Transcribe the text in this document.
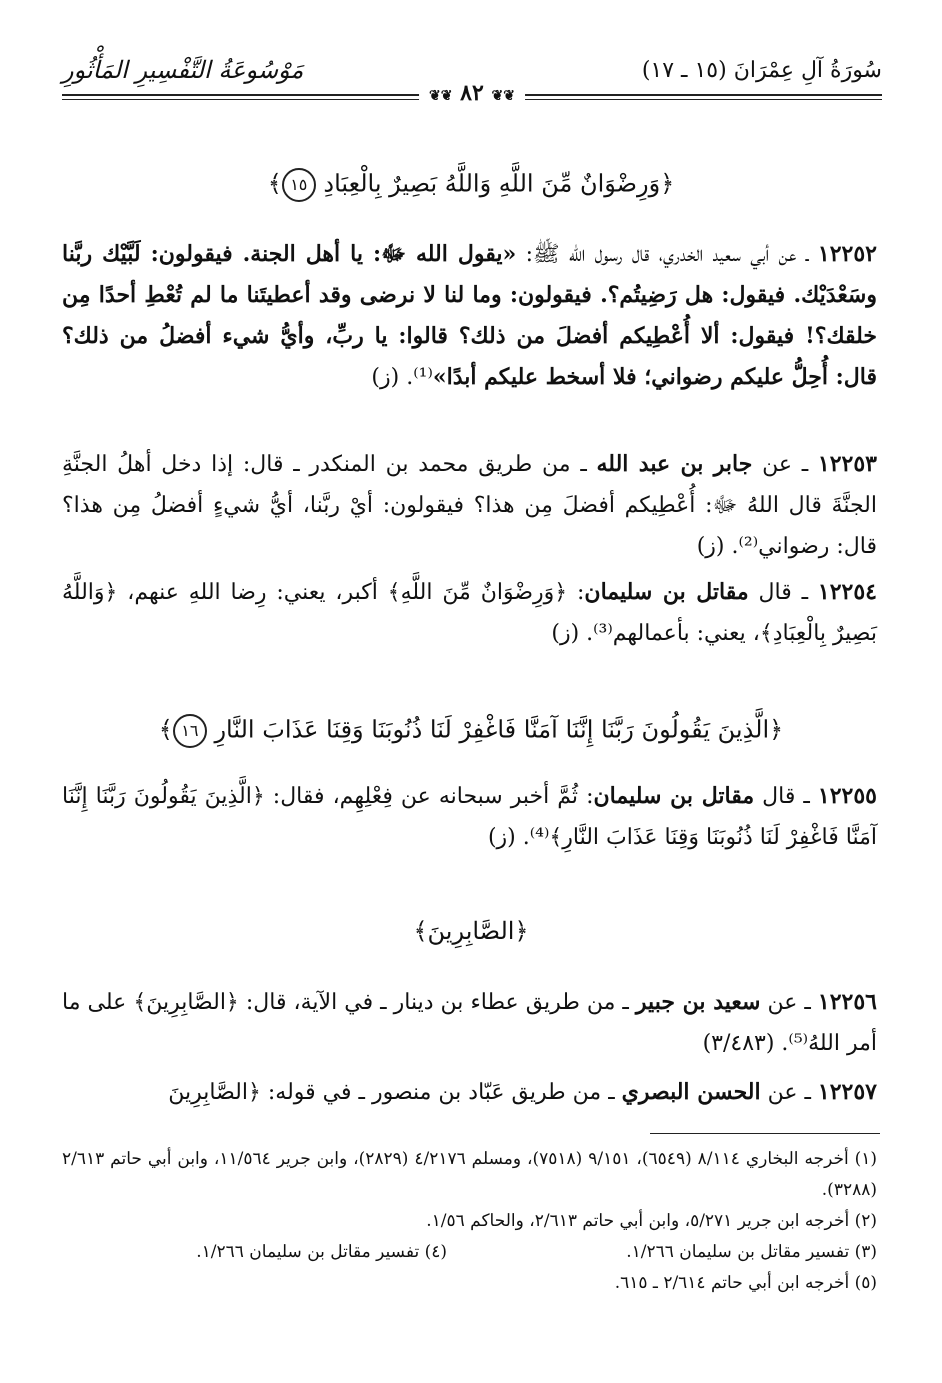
سُورَةُ آلِ عِمْرَانَ (١٥ ـ ١٧)
مَوْسُوعَةُ التَّفْسِيرِ المَأْثُورِ
❦❦ ٨٢ ❦❦
﴿وَرِضْوَانٌ مِّنَ اللَّهِ وَاللَّهُ بَصِيرٌ بِالْعِبَادِ ١٥﴾
١٢٢٥٢ ـ عن أبي سعيد الخدري، قال رسول الله ﷺ: «يقول الله ﷻ: يا أهل الجنة. فيقولون: لَبَّيْك ربَّنا وسَعْدَيْك. فيقول: هل رَضِيتُم؟. فيقولون: وما لنا لا نرضى وقد أعطيتَنا ما لم تُعْطِ أحدًا مِن خلقك؟! فيقول: ألا أُعْطِيكم أفضلَ من ذلك؟ قالوا: يا ربِّ، وأيُّ شيء أفضلُ من ذلك؟ قال: أُحِلُّ عليكم رضواني؛ فلا أسخط عليكم أبدًا»⁽¹⁾. (ز)
١٢٢٥٣ ـ عن جابر بن عبد الله ـ من طريق محمد بن المنكدر ـ قال: إذا دخل أهلُ الجنَّةِ الجنَّةَ قال اللهُ ﷻ: أُعْطِيكم أفضلَ مِن هذا؟ فيقولون: أيْ ربَّنا، أيُّ شيءٍ أفضلُ مِن هذا؟ قال: رضواني⁽²⁾. (ز)
١٢٢٥٤ ـ قال مقاتل بن سليمان: ﴿وَرِضْوَانٌ مِّنَ اللَّهِ﴾ أكبر، يعني: رِضا اللهِ عنهم، ﴿وَاللَّهُ بَصِيرٌ بِالْعِبَادِ﴾، يعني: بأعمالهم⁽³⁾. (ز)
﴿الَّذِينَ يَقُولُونَ رَبَّنَا إِنَّنَا آمَنَّا فَاغْفِرْ لَنَا ذُنُوبَنَا وَقِنَا عَذَابَ النَّارِ ١٦﴾
١٢٢٥٥ ـ قال مقاتل بن سليمان: ثُمَّ أخبر سبحانه عن فِعْلِهِم، فقال: ﴿الَّذِينَ يَقُولُونَ رَبَّنَا إِنَّنَا آمَنَّا فَاغْفِرْ لَنَا ذُنُوبَنَا وَقِنَا عَذَابَ النَّارِ﴾⁽⁴⁾. (ز)
﴿الصَّابِرِينَ﴾
١٢٢٥٦ ـ عن سعيد بن جبير ـ من طريق عطاء بن دينار ـ في الآية، قال: ﴿الصَّابِرِينَ﴾ على ما أمر اللهُ⁽⁵⁾. (٣/٤٨٣)
١٢٢٥٧ ـ عن الحسن البصري ـ من طريق عَبّاد بن منصور ـ في قوله: ﴿الصَّابِرِينَ
(١) أخرجه البخاري ٨/١١٤ (٦٥٤٩)، ٩/١٥١ (٧٥١٨)، ومسلم ٤/٢١٧٦ (٢٨٢٩)، وابن جرير ١١/٥٦٤، وابن أبي حاتم ٢/٦١٣ (٣٢٨٨).
(٢) أخرجه ابن جرير ٥/٢٧١، وابن أبي حاتم ٢/٦١٣، والحاكم ١/٥٦.
(٣) تفسير مقاتل بن سليمان ١/٢٦٦.
(٤) تفسير مقاتل بن سليمان ١/٢٦٦.
(٥) أخرجه ابن أبي حاتم ٢/٦١٤ ـ ٦١٥.
